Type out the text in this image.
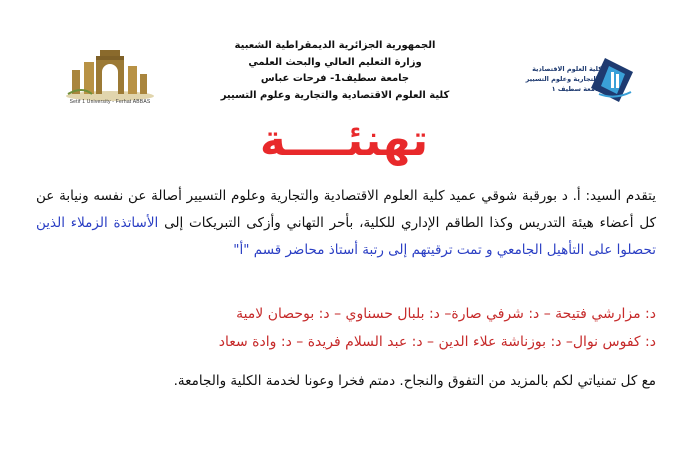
الجمهورية الجزائرية الديمقراطية الشعبية
وزارة التعليم العالي والبحث العلمي
جامعة سطيف1- فرحات عباس
كلية العلوم الاقتصادية والتجارية وعلوم التسيير
Setif 1 University - Ferhat ABBAS
كلية العلوم الاقتصادية
والتجارية وعلوم التسيير
جامعة سطيف ١
تهنئــــة
يتقدم السيد: أ. د بورقبة شوقي عميد كلية العلوم الاقتصادية والتجارية وعلوم التسيير أصالة عن نفسه ونيابة عن كل أعضاء هيئة التدريس وكذا الطاقم الإداري للكلية، بأحر التهاني وأزكى التبريكات إلى الأساتذة الزملاء الذين تحصلوا على التأهيل الجامعي و تمت ترقيتهم إلى رتبة أستاذ محاضر قسم "أ"
د: مزارشي فتيحة – د: شرفي صارة– د: بلبال حسناوي – د: بوحصان لامية
د: كفوس نوال– د: بوزناشة علاء الدين – د: عبد السلام فريدة – د: وادة سعاد
مع كل تمنياتي لكم بالمزيد من التفوق والنجاح. دمتم فخرا وعونا لخدمة الكلية والجامعة.
